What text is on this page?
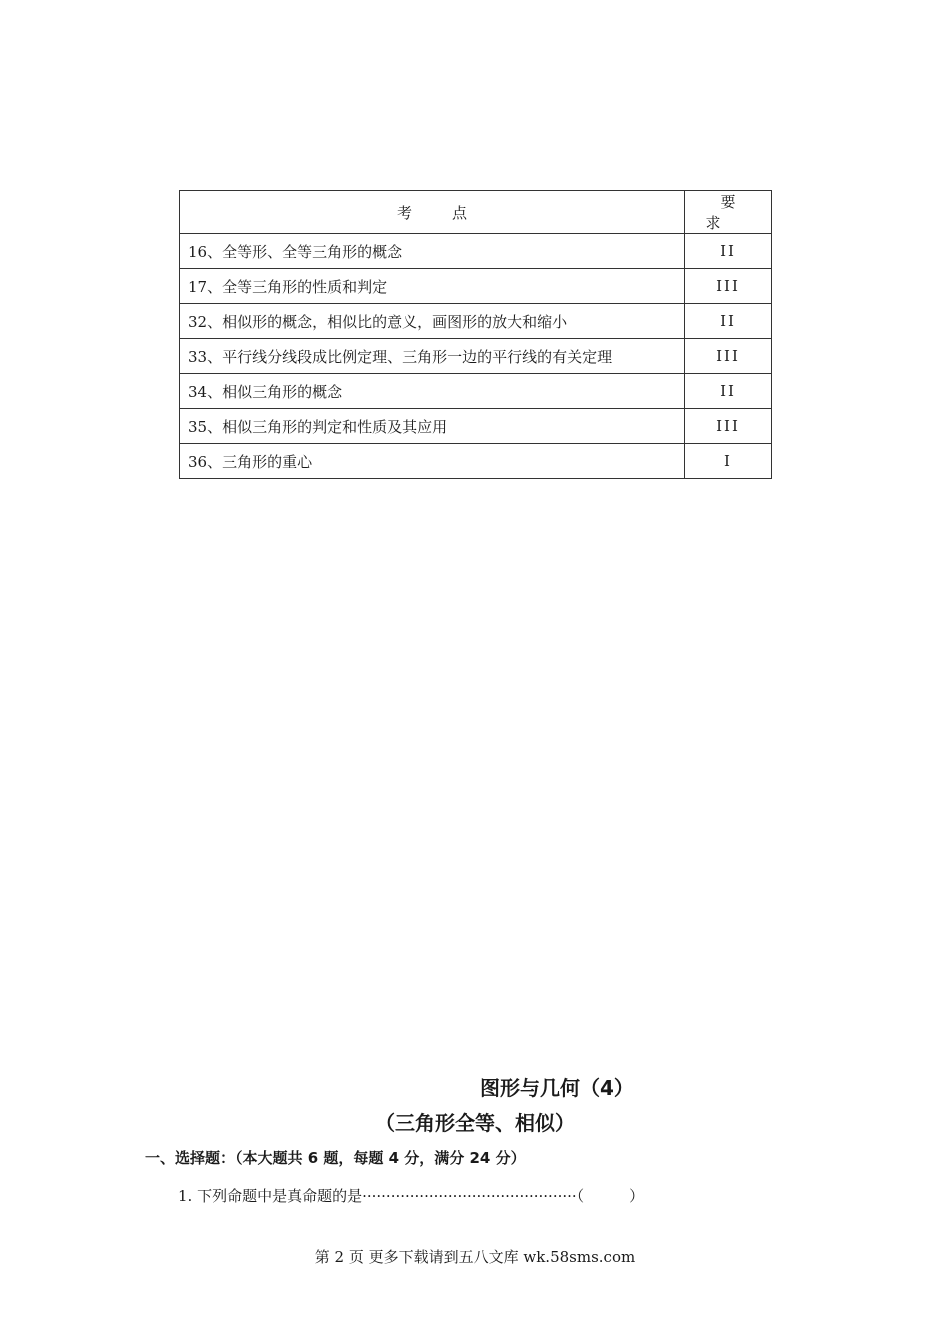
考点	要求
16、全等形、全等三角形的概念	II
17、全等三角形的性质和判定	III
32、相似形的概念，相似比的意义，画图形的放大和缩小	II
33、平行线分线段成比例定理、三角形一边的平行线的有关定理	III
34、相似三角形的概念	II
35、相似三角形的判定和性质及其应用	III
36、三角形的重心	I
图形与几何（4）
（三角形全等、相似）
一、选择题：（本大题共 6 题，每题 4 分，满分 24 分）
1. 下列命题中是真命题的是·············································（　　　）
第 2 页 更多下载请到五八文库 wk.58sms.com
